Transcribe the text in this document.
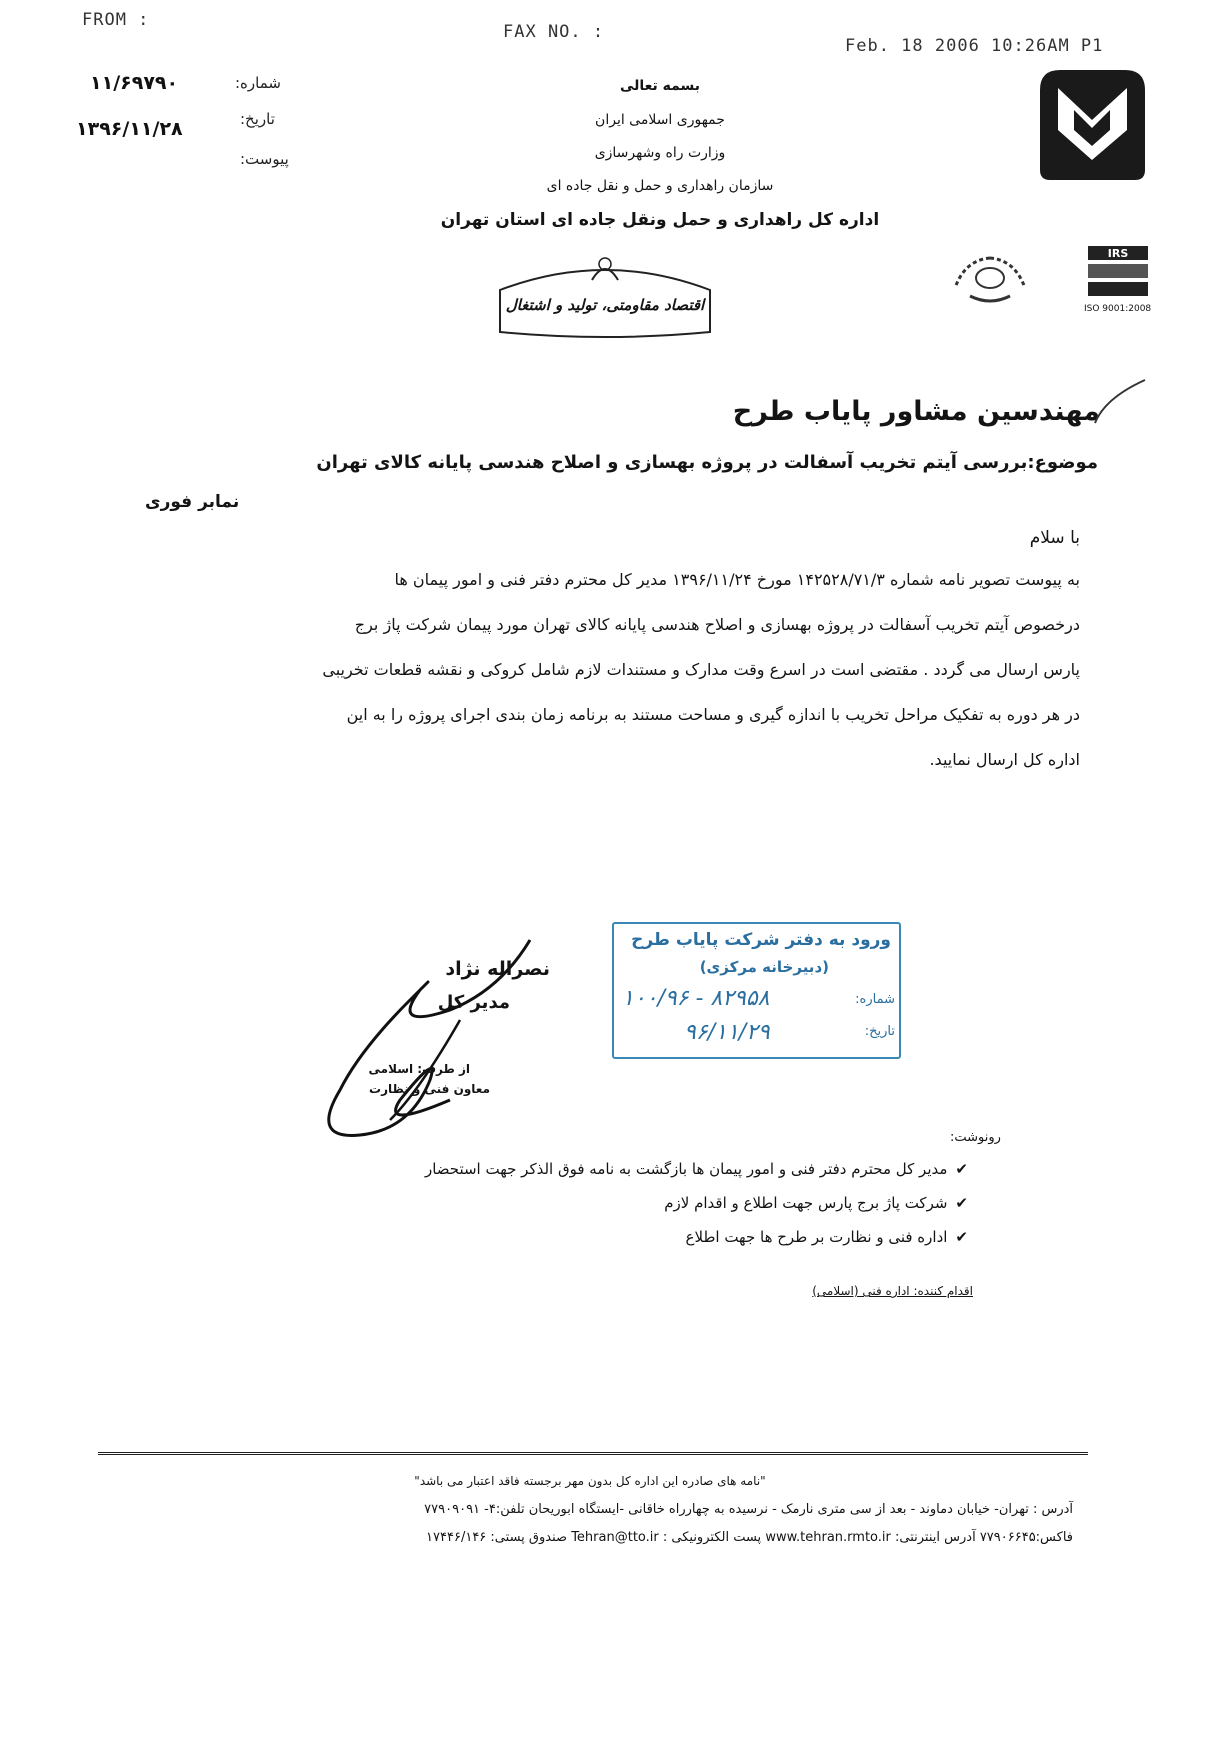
FROM :
FAX NO. :
Feb. 18 2006 10:26AM P1
۱۱/۶۹۷۹۰	شماره:
۱۳۹۶/۱۱/۲۸	تاریخ:
پیوست:
بسمه تعالی
جمهوری اسلامی ایران
وزارت راه وشهرسازی
سازمان راهداری و حمل و نقل جاده ای
اداره کل راهداری و حمل ونقل جاده ای استان تهران
اقتصاد مقاومتی، تولید و اشتغال
IRS
ISO 9001:2008
مهندسین مشاور پایاب طرح
موضوع:بررسی آیتم تخریب آسفالت در پروژه بهسازی و اصلاح هندسی پایانه کالای تهران
نمابر فوری
با سلام
به پیوست تصویر نامه شماره ۱۴۲۵۲۸/۷۱/۳ مورخ ۱۳۹۶/۱۱/۲۴ مدیر کل محترم دفتر فنی و امور پیمان ها
درخصوص آیتم تخریب آسفالت در پروژه بهسازی و اصلاح هندسی پایانه کالای تهران مورد پیمان شرکت پاژ برج
پارس ارسال می گردد . مقتضی است در اسرع وقت مدارک و مستندات لازم شامل کروکی و نقشه قطعات تخریبی
در هر دوره به تفکیک مراحل تخریب با اندازه گیری و مساحت مستند به برنامه زمان بندی اجرای پروژه را به این
اداره کل ارسال نمایید.
نصراله نژاد
مدیر کل
از طرف: اسلامی
معاون فنی و نظارت
ورود به دفتر شرکت پایاب طرح
(دبیرخانه مرکزی)
شماره:
۱۰۰/۹۶ - ۸۲۹۵۸
تاریخ:
۹۶/۱۱/۲۹
رونوشت:
✔مدیر کل محترم دفتر فنی و امور پیمان ها بازگشت به نامه فوق الذکر جهت استحضار
✔شرکت پاژ برج پارس جهت اطلاع و اقدام لازم
✔اداره فنی و نظارت بر طرح ها جهت اطلاع
اقدام کننده: اداره فنی (اسلامی)
"نامه های صادره این اداره کل بدون مهر برجسته فاقد اعتبار می باشد"
آدرس : تهران- خیابان دماوند - بعد از سی متری نارمک - نرسیده به چهارراه خاقانی -ایستگاه ابوریحان تلفن:۴- ۷۷۹۰۹۰۹۱
فاکس:۷۷۹۰۶۶۴۵ آدرس اینترنتی: www.tehran.rmto.ir پست الکترونیکی : Tehran@tto.ir صندوق پستی: ۱۷۴۴۶/۱۴۶
